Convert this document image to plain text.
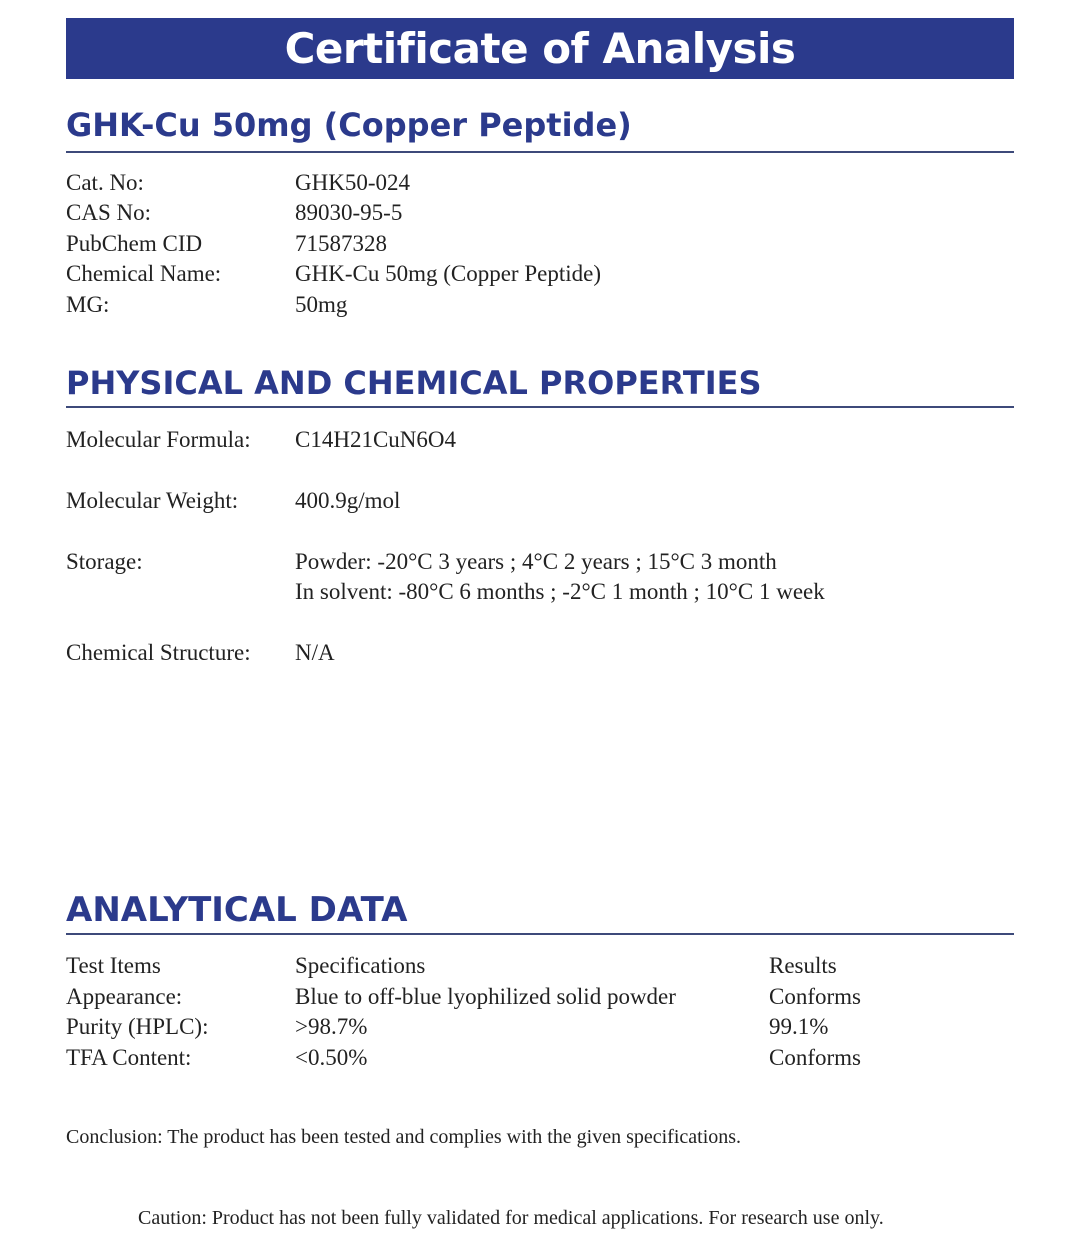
Certificate of Analysis
GHK-Cu 50mg (Copper Peptide)
Cat. No:	GHK50-024
CAS No:	89030-95-5
PubChem CID	71587328
Chemical Name:	GHK-Cu 50mg (Copper Peptide)
MG:	50mg
PHYSICAL AND CHEMICAL PROPERTIES
Molecular Formula: C14H21CuN6O4
Molecular Weight: 400.9g/mol
Storage:	Powder: -20°C 3 years ; 4°C 2 years ; 15°C 3 month
In solvent: -80°C 6 months ; -2°C 1 month ; 10°C 1 week
Chemical Structure: N/A
ANALYTICAL DATA
Test Items	Specifications	Results
Appearance:	Blue to off-blue lyophilized solid powder	Conforms
Purity (HPLC):	>98.7%	99.1%
TFA Content:	<0.50%	Conforms
Conclusion: The product has been tested and complies with the given specifications.
Caution: Product has not been fully validated for medical applications. For research use only.
